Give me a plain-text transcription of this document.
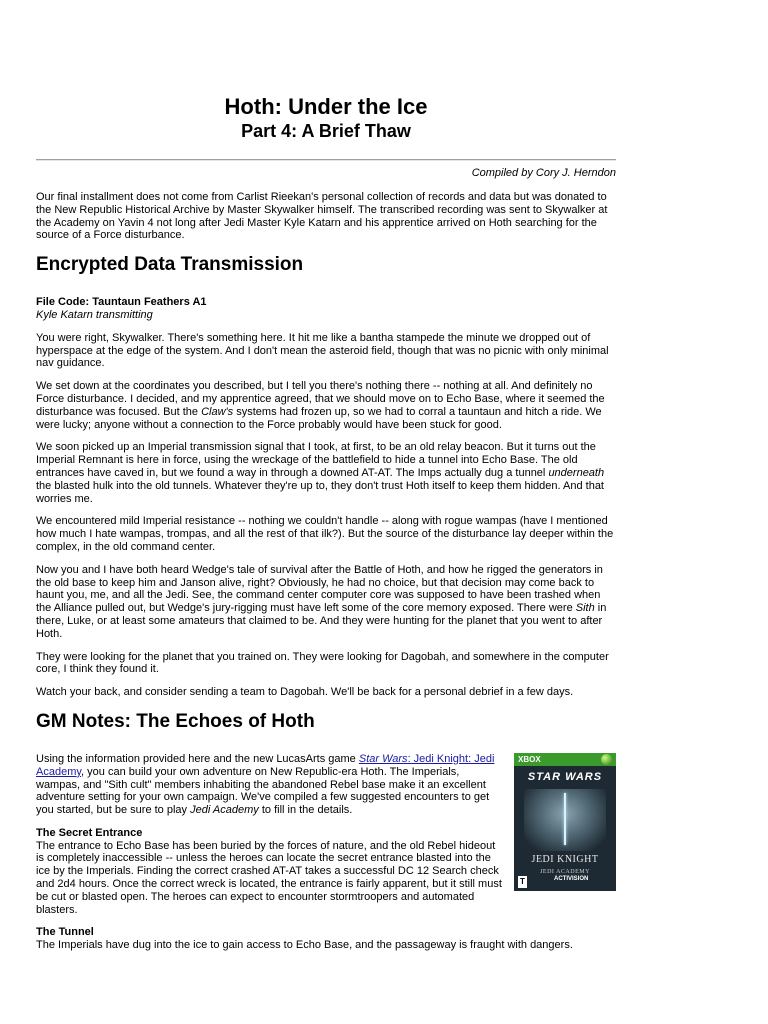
Hoth: Under the Ice
Part 4: A Brief Thaw
Compiled by Cory J. Herndon

Our final installment does not come from Carlist Rieekan's personal collection of records and data but was donated to the New Republic Historical Archive by Master Skywalker himself. The transcribed recording was sent to Skywalker at the Academy on Yavin 4 not long after Jedi Master Kyle Katarn and his apprentice arrived on Hoth searching for the source of a Force disturbance.

Encrypted Data Transmission

File Code: Tauntaun Feathers A1
Kyle Katarn transmitting

You were right, Skywalker. There's something here. It hit me like a bantha stampede the minute we dropped out of hyperspace at the edge of the system. And I don't mean the asteroid field, though that was no picnic with only minimal nav guidance.

We set down at the coordinates you described, but I tell you there's nothing there -- nothing at all. And definitely no Force disturbance. I decided, and my apprentice agreed, that we should move on to Echo Base, where it seemed the disturbance was focused. But the Claw's systems had frozen up, so we had to corral a tauntaun and hitch a ride. We were lucky; anyone without a connection to the Force probably would have been stuck for good.

We soon picked up an Imperial transmission signal that I took, at first, to be an old relay beacon. But it turns out the Imperial Remnant is here in force, using the wreckage of the battlefield to hide a tunnel into Echo Base. The old entrances have caved in, but we found a way in through a downed AT-AT. The Imps actually dug a tunnel underneath the blasted hulk into the old tunnels. Whatever they're up to, they don't trust Hoth itself to keep them hidden. And that worries me.

We encountered mild Imperial resistance -- nothing we couldn't handle -- along with rogue wampas (have I mentioned how much I hate wampas, trompas, and all the rest of that ilk?). But the source of the disturbance lay deeper within the complex, in the old command center.

Now you and I have both heard Wedge's tale of survival after the Battle of Hoth, and how he rigged the generators in the old base to keep him and Janson alive, right? Obviously, he had no choice, but that decision may come back to haunt you, me, and all the Jedi. See, the command center computer core was supposed to have been trashed when the Alliance pulled out, but Wedge's jury-rigging must have left some of the core memory exposed. There were Sith in there, Luke, or at least some amateurs that claimed to be. And they were hunting for the planet that you went to after Hoth.

They were looking for the planet that you trained on. They were looking for Dagobah, and somewhere in the computer core, I think they found it.

Watch your back, and consider sending a team to Dagobah. We'll be back for a personal debrief in a few days.

GM Notes: The Echoes of Hoth
XBOX
STAR WARS
JEDI KNIGHT
JEDI ACADEMY
T	ACTIVISION

Using the information provided here and the new LucasArts game Star Wars: Jedi Knight: Jedi Academy, you can build your own adventure on New Republic-era Hoth. The Imperials, wampas, and "Sith cult" members inhabiting the abandoned Rebel base make it an excellent adventure setting for your own campaign. We've compiled a few suggested encounters to get you started, but be sure to play Jedi Academy to fill in the details.

The Secret Entrance

The entrance to Echo Base has been buried by the forces of nature, and the old Rebel hideout is completely inaccessible -- unless the heroes can locate the secret entrance blasted into the ice by the Imperials. Finding the correct crashed AT-AT takes a successful DC 12 Search check and 2d4 hours. Once the correct wreck is located, the entrance is fairly apparent, but it still must be cut or blasted open. The heroes can expect to encounter stormtroopers and automated blasters.

The Tunnel

The Imperials have dug into the ice to gain access to Echo Base, and the passageway is fraught with dangers.
